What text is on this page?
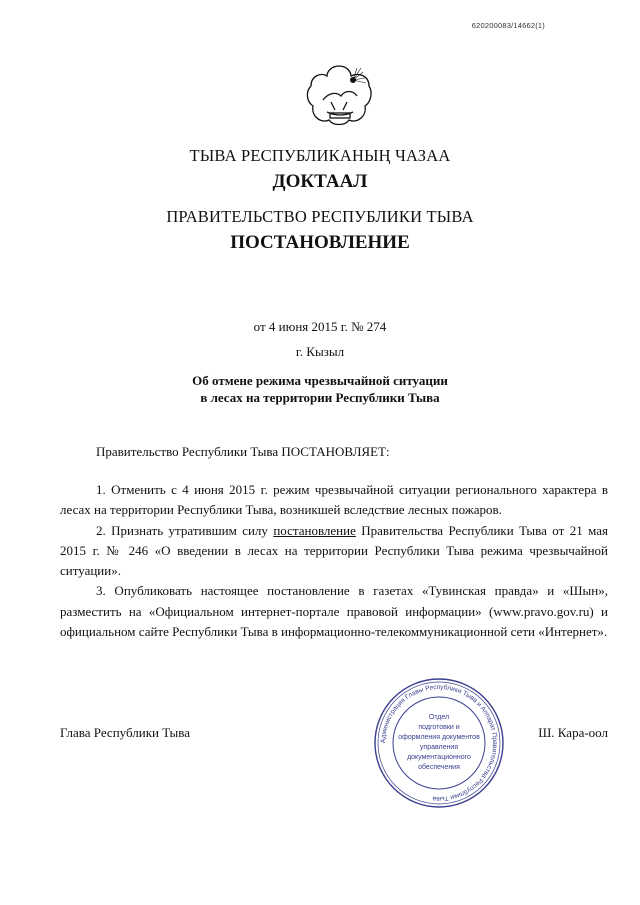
620200083/14662(1)
ТЫВА РЕСПУБЛИКАНЫҢ ЧАЗАА
ДОКТААЛ
ПРАВИТЕЛЬСТВО РЕСПУБЛИКИ ТЫВА
ПОСТАНОВЛЕНИЕ
от 4 июня 2015 г. № 274
г. Кызыл
Об отмене режима чрезвычайной ситуации
в лесах на территории Республики Тыва
Правительство Республики Тыва ПОСТАНОВЛЯЕТ:

1. Отменить с 4 июня 2015 г. режим чрезвычайной ситуации регионального характера в лесах на территории Республики Тыва, возникшей вследствие лесных пожаров.

2. Признать утратившим силу постановление Правительства Республики Тыва от 21 мая 2015 г. № 246 «О введении в лесах на территории Республики Тыва режима чрезвычайной ситуации».

3. Опубликовать настоящее постановление в газетах «Тувинская правда» и «Шын», разместить на «Официальном интернет-портале правовой информации» (www.pravo.gov.ru) и официальном сайте Республики Тыва в информационно-телекоммуникационной сети «Интернет».

Глава Республики Тыва	Ш. Кара-оол
Администрация Главы Республики Тыва и Аппарат Правительства Республики Тыва
Отдел
подготовки и
оформления документов
управления
документационного
обеспечения
